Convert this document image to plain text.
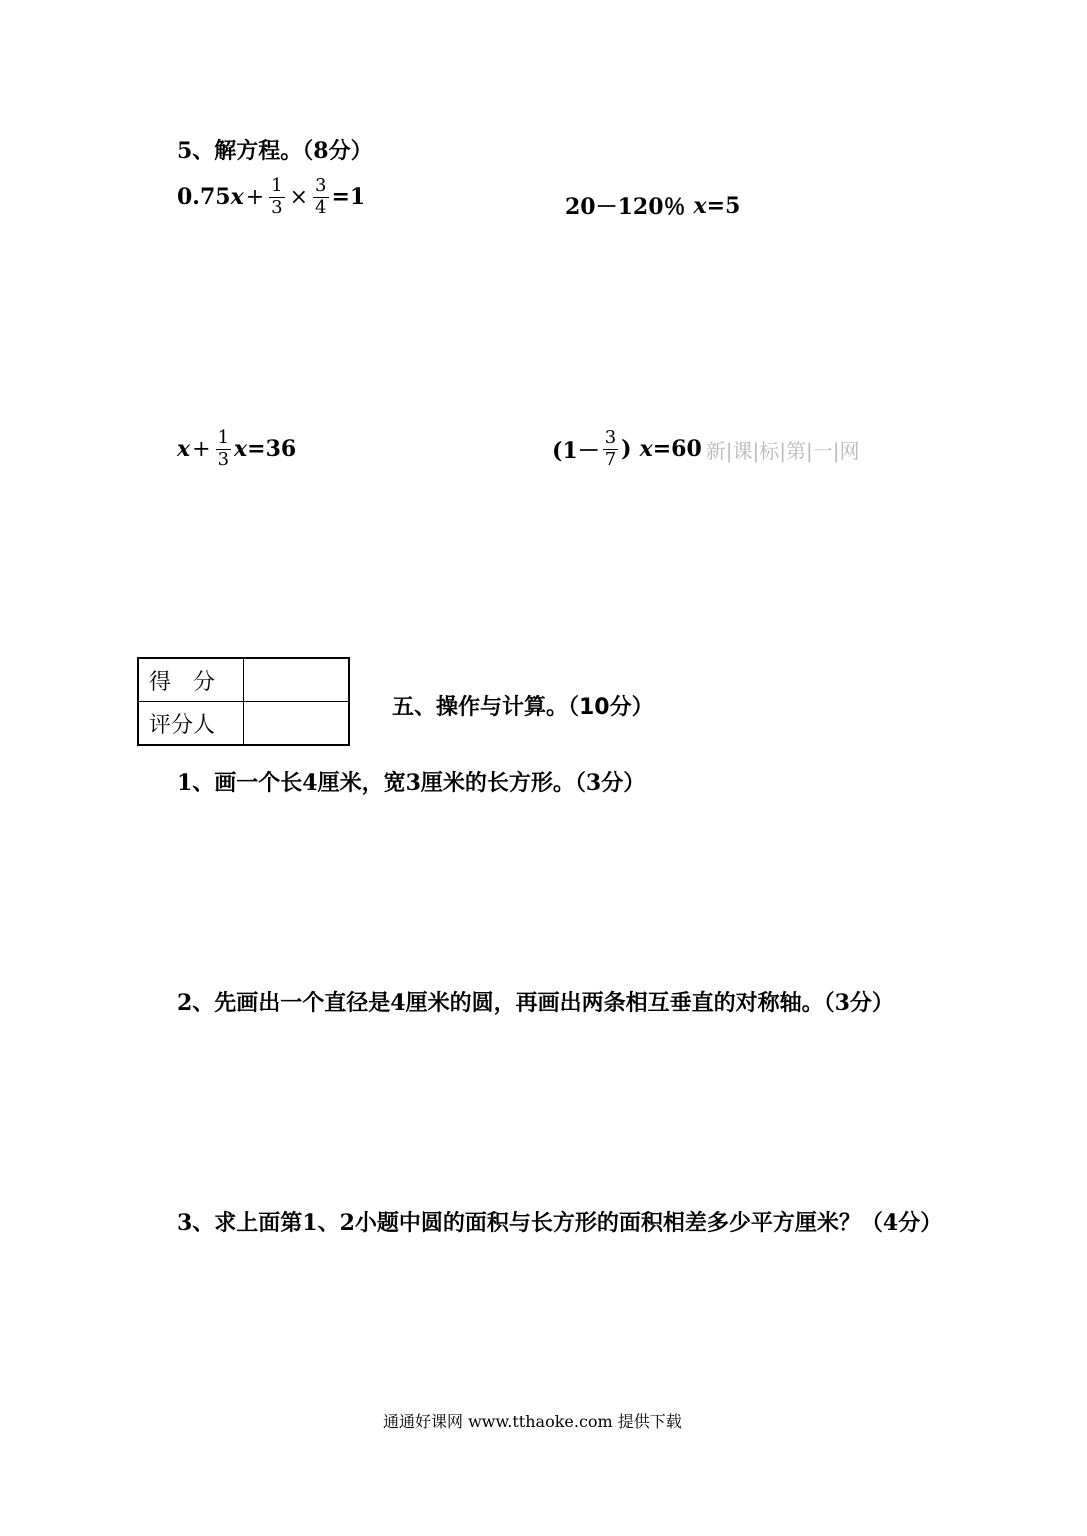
5、解方程。（8分）
0.75 $x + \frac{1}{3} \times \frac{3}{4} =1$	20－120％ x =5
$x + \frac{1}{3}$ x =36	($1- \frac{3}{7}$ ) x =60 新|课|标|第|一|网
得　分	
评分人	
五、操作与计算。（10分）
1、画一个长4厘米，宽3厘米的长方形。（3分）
2、先画出一个直径是4厘米的圆，再画出两条相互垂直的对称轴。（3分）
3、求上面第1、2小题中圆的面积与长方形的面积相差多少平方厘米？（4分）
通通好课网 www.tthaoke.com 提供下载
